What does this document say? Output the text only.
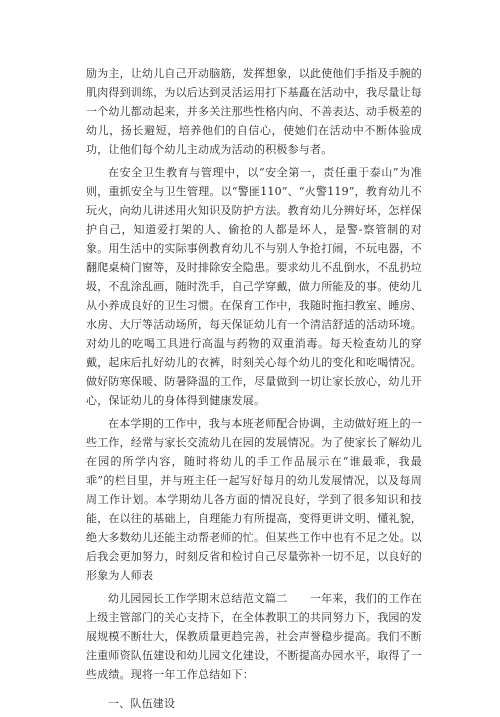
励为主，让幼儿自己开动脑筋，发挥想象，以此使他们手指及手腕的肌肉得到训练，为以后达到灵活运用打下基矗在活动中，我尽量让每一个幼儿都动起来，并多关注那些性格内向、不善表达、动手极差的幼儿，扬长避短，培养他们的自信心，使她们在活动中不断体验成功，让他们每个幼儿主动成为活动的积极参与者。

在安全卫生教育与管理中，以“安全第一，责任重于泰山”为准则，重抓安全与卫生管理。以“警匪110”、“火警119”，教育幼儿不玩火，向幼儿讲述用火知识及防护方法。教育幼儿分辨好坏，怎样保护自己，知道爱打架的人、偷抢的人都是坏人，是警-察管制的对象。用生活中的实际事例教育幼儿不与别人争抢打闹，不玩电器，不翻爬桌椅门窗等，及时排除安全隐患。要求幼儿不乱倒水，不乱扔垃圾，不乱涂乱画，随时洗手，自己学穿戴，做力所能及的事。使幼儿从小养成良好的卫生习惯。在保育工作中，我随时拖扫教室、睡房、水房、大厅等活动场所，每天保证幼儿有一个清洁舒适的活动环境。对幼儿的吃喝工具进行高温与药物的双重消毒。每天检查幼儿的穿戴，起床后扎好幼儿的衣裤，时刻关心每个幼儿的变化和吃喝情况。做好防寒保暖、防暑降温的工作，尽量做到一切让家长放心，幼儿开心，保证幼儿的身体得到健康发展。

在本学期的工作中，我与本班老师配合协调，主动做好班上的一些工作，经常与家长交流幼儿在园的发展情况。为了使家长了解幼儿在园的所学内容，随时将幼儿的手工作品展示在“谁最乖，我最乖”的栏目里，并与班主任一起写好每月的幼儿发展情况，以及每周周工作计划。本学期幼儿各方面的情况良好，学到了很多知识和技能，在以往的基础上，自理能力有所提高，变得更讲文明、懂礼貌，绝大多数幼儿还能主动帮老师的忙。但某些工作中也有不足之处。以后我会更加努力，时刻反省和检讨自己尽量弥补一切不足，以良好的形象为人师表

幼儿园园长工作学期末总结范文篇二　　一年来，我们的工作在上级主管部门的关心支持下，在全体教职工的共同努力下，我园的发展规模不断壮大，保教质量更趋完善，社会声誉稳步提高。我们不断注重师资队伍建设和幼儿园文化建设，不断提高办园水平，取得了一些成绩。现将一年工作总结如下：

一、队伍建设
